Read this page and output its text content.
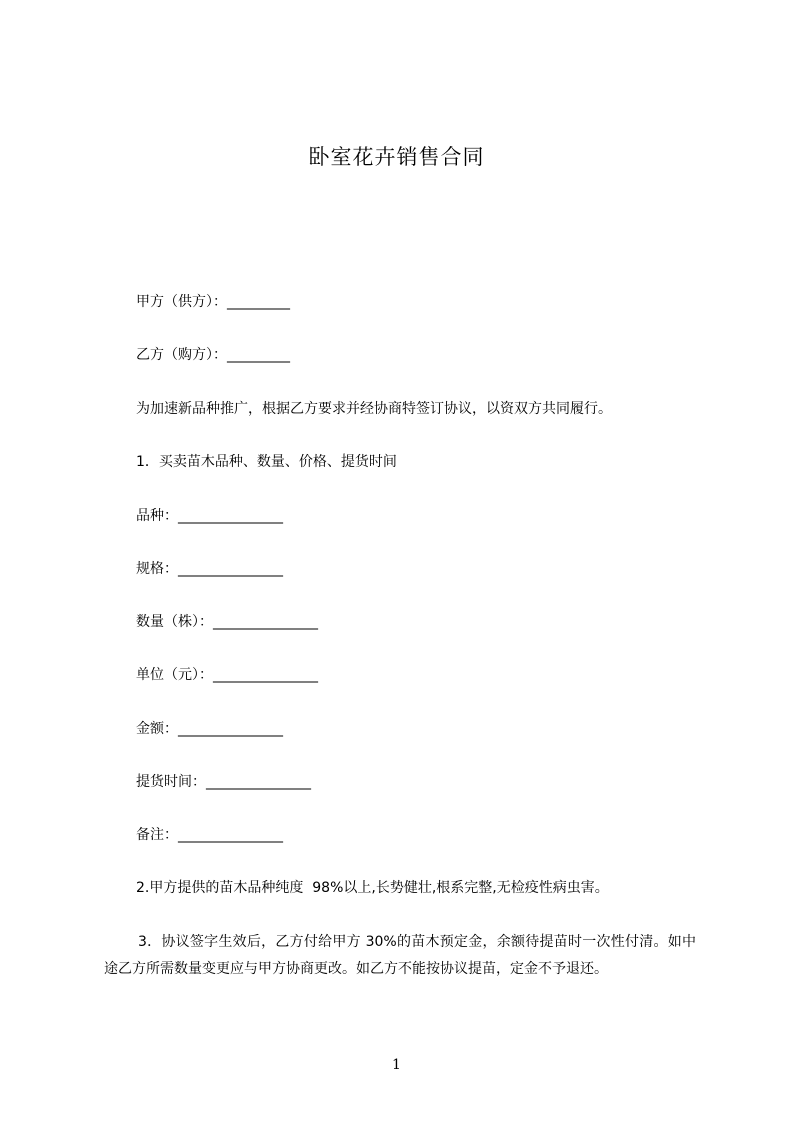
卧室花卉销售合同
甲方（供方）：_________
乙方（购方）：_________
为加速新品种推广，根据乙方要求并经协商特签订协议，以资双方共同履行。
1．买卖苗木品种、数量、价格、提货时间
品种：_______________
规格：_______________
数量（株）：_______________
单位（元）：_______________
金额：_______________
提货时间：_______________
备注：_______________
2.甲方提供的苗木品种纯度  98%以上,长势健壮,根系完整,无检疫性病虫害。
3．协议签字生效后，乙方付给甲方 30%的苗木预定金，余额待提苗时一次性付清。如中途乙方所需数量变更应与甲方协商更改。如乙方不能按协议提苗，定金不予退还。
1
